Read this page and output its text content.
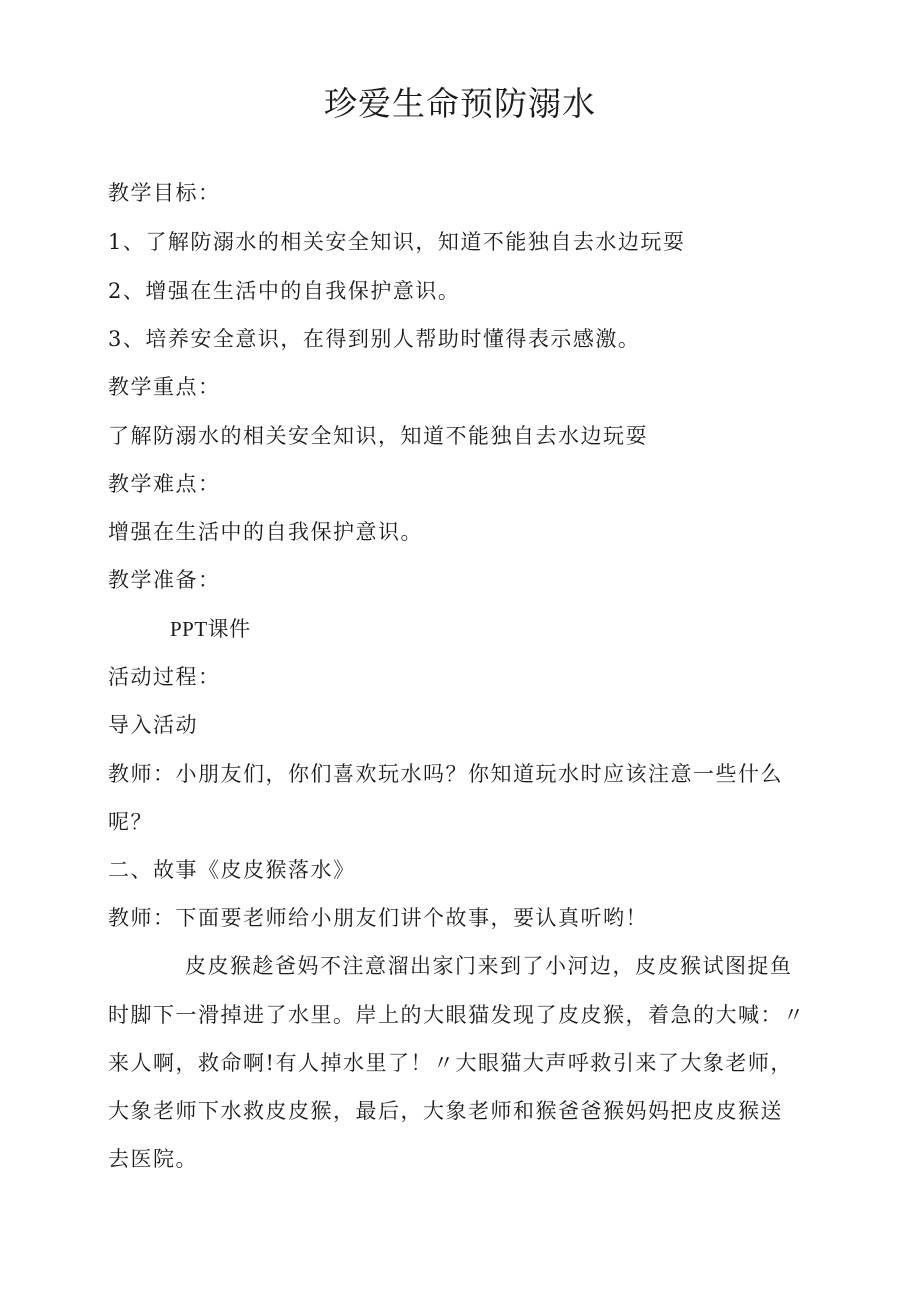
珍爱生命预防溺水

教学目标：

1、了解防溺水的相关安全知识，知道不能独自去水边玩耍

2、增强在生活中的自我保护意识。

3、培养安全意识，在得到别人帮助时懂得表示感激。

教学重点：

了解防溺水的相关安全知识，知道不能独自去水边玩耍

教学难点：

增强在生活中的自我保护意识。

教学准备：

PPT课件

活动过程：

导入活动

教师：小朋友们，你们喜欢玩水吗？你知道玩水时应该注意一些什么

呢？

二、故事《皮皮猴落水》

教师：下面要老师给小朋友们讲个故事，要认真听哟！

皮皮猴趁爸妈不注意溜出家门来到了小河边，皮皮猴试图捉鱼

时脚下一滑掉进了水里。岸上的大眼猫发现了皮皮猴，着急的大喊：〃

来人啊，救命啊!有人掉水里了！〃大眼猫大声呼救引来了大象老师，

大象老师下水救皮皮猴，最后，大象老师和猴爸爸猴妈妈把皮皮猴送

去医院。
